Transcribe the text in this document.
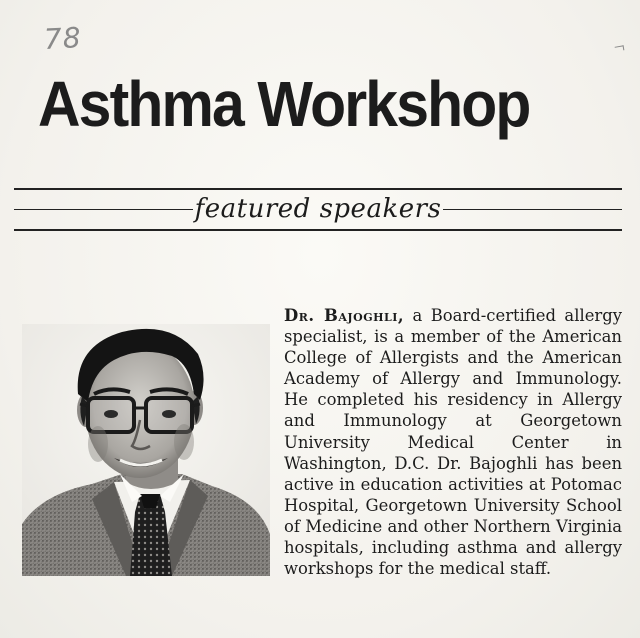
78
Asthma Workshop
featured speakers

Dr. Bajoghli, a Board-certified allergy specialist, is a member of the American College of Allergists and the American Academy of Allergy and Immunology. He completed his residency in Allergy and Immunology at Georgetown University Medical Center in Washington, D.C. Dr. Bajoghli has been active in education activities at Potomac Hospital, Georgetown University School of Medicine and other Northern Virginia hospitals, including asthma and allergy workshops for the medical staff.
